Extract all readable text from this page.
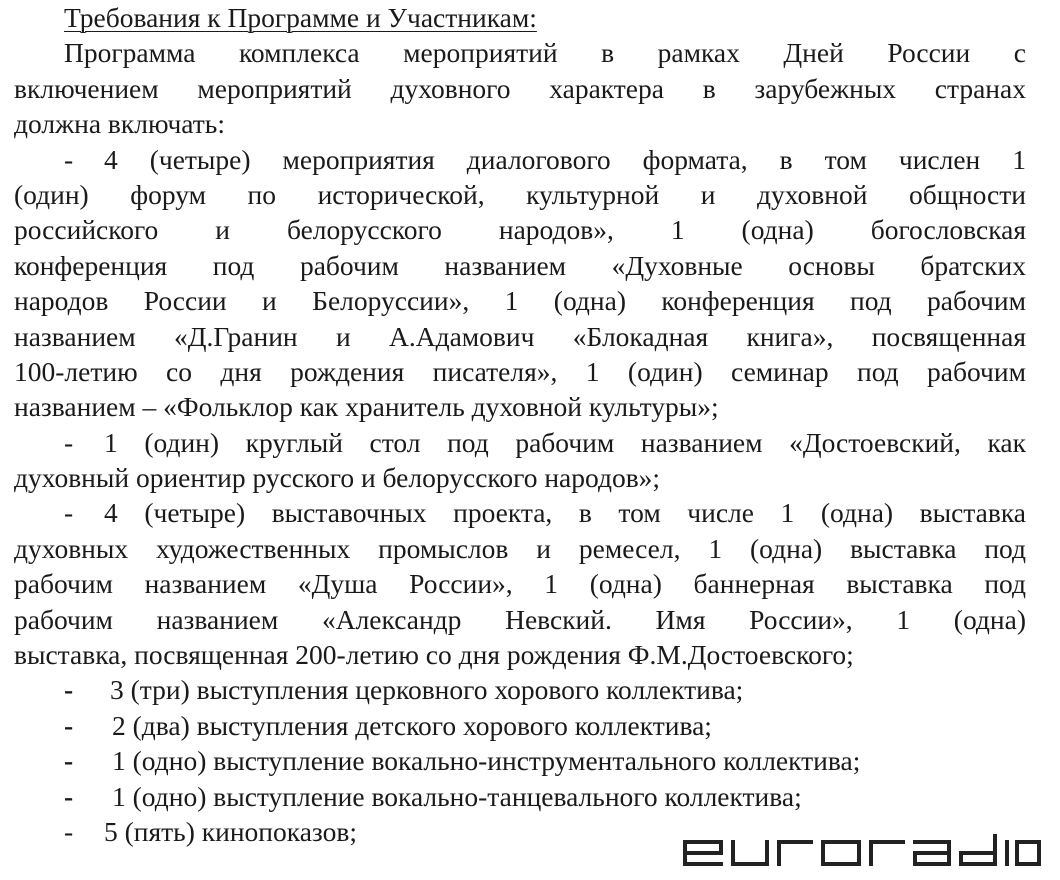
Требования к Программе и Участникам:
Программа комплекса мероприятий в рамках Дней России с
включением мероприятий духовного характера в зарубежных странах
должна включать:
- 4 (четыре) мероприятия диалогового формата, в том числен 1
(один) форум по исторической, культурной и духовной общности
российского и белорусского народов», 1 (одна) богословская
конференция под рабочим названием «Духовные основы братских
народов России и Белоруссии», 1 (одна) конференция под рабочим
названием «Д.Гранин и А.Адамович «Блокадная книга», посвященная
100-летию со дня рождения писателя», 1 (один) семинар под рабочим
названием – «Фольклор как хранитель духовной культуры»;
- 1 (один) круглый стол под рабочим названием «Достоевский, как
духовный ориентир русского и белорусского народов»;
- 4 (четыре) выставочных проекта, в том числе 1 (одна) выставка
духовных художественных промыслов и ремесел, 1 (одна) выставка под
рабочим названием «Душа России», 1 (одна) баннерная выставка под
рабочим названием «Александр Невский. Имя России», 1 (одна)
выставка, посвященная 200-летию со дня рождения Ф.М.Достоевского;
- 3 (три) выступления церковного хорового коллектива;
- 2 (два) выступления детского хорового коллектива;
- 1 (одно) выступление вокально-инструментального коллектива;
- 1 (одно) выступление вокально-танцевального коллектива;
- 5 (пять) кинопоказов;
